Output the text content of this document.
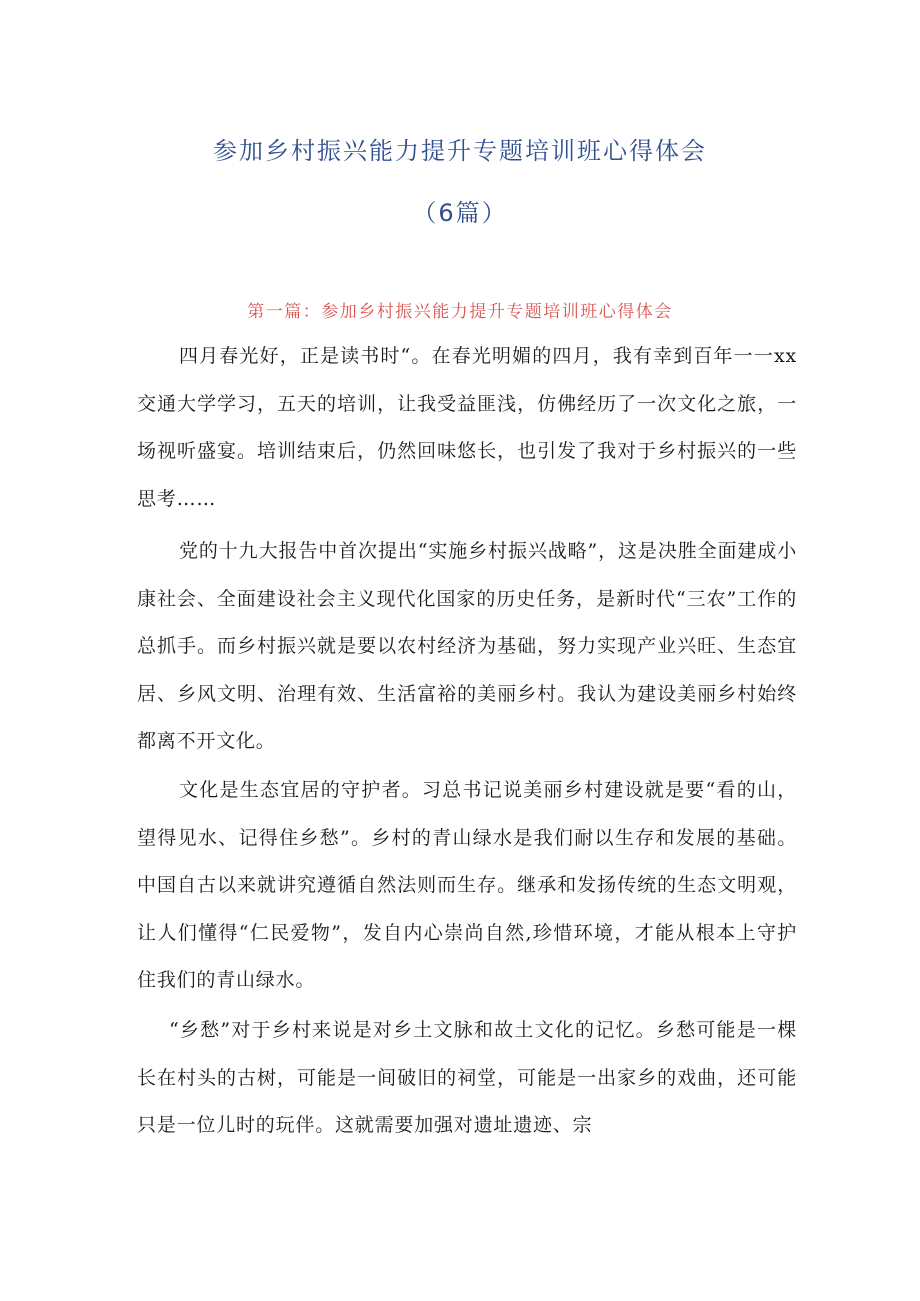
参加乡村振兴能力提升专题培训班心得体会
（6篇）
第一篇：参加乡村振兴能力提升专题培训班心得体会

四月春光好，正是读书时“。在春光明媚的四月，我有幸到百年一一xx交通大学学习，五天的培训，让我受益匪浅，仿佛经历了一次文化之旅，一场视听盛宴。培训结束后，仍然回味悠长，也引发了我对于乡村振兴的一些思考……

党的十九大报告中首次提出“实施乡村振兴战略”，这是决胜全面建成小康社会、全面建设社会主义现代化国家的历史任务，是新时代“三农”工作的总抓手。而乡村振兴就是要以农村经济为基础，努力实现产业兴旺、生态宜居、乡风文明、治理有效、生活富裕的美丽乡村。我认为建设美丽乡村始终都离不开文化。

文化是生态宜居的守护者。习总书记说美丽乡村建设就是要“看的山，望得见水、记得住乡愁”。乡村的青山绿水是我们耐以生存和发展的基础。中国自古以来就讲究遵循自然法则而生存。继承和发扬传统的生态文明观，让人们懂得“仁民爱物”，发自内心崇尚自然,珍惜环境，才能从根本上守护住我们的青山绿水。

“乡愁”对于乡村来说是对乡土文脉和故土文化的记忆。乡愁可能是一棵长在村头的古树，可能是一间破旧的祠堂，可能是一出家乡的戏曲，还可能只是一位儿时的玩伴。这就需要加强对遗址遗迹、宗
